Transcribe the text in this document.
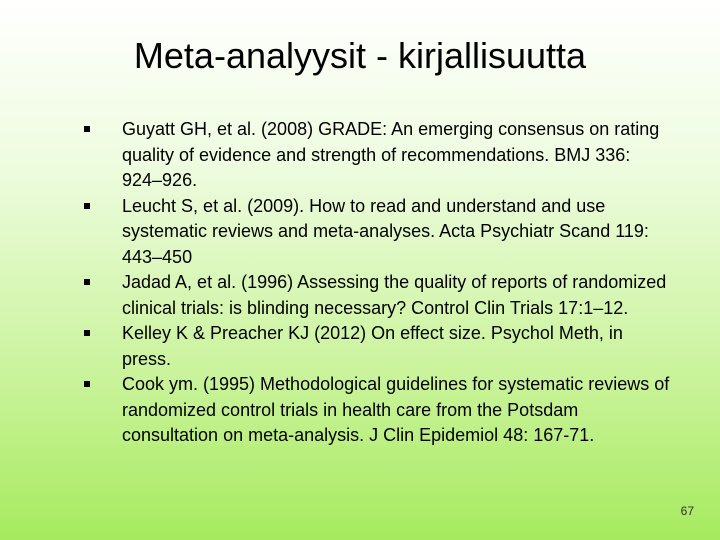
Meta-analyysit - kirjallisuutta
Guyatt GH, et al. (2008) GRADE: An emerging consensus on rating quality of evidence and strength of recommendations. BMJ 336: 924–926.
Leucht S, et al. (2009). How to read and understand and use systematic reviews and meta-analyses. Acta Psychiatr Scand 119: 443–450
Jadad A, et al. (1996) Assessing the quality of reports of randomized clinical trials: is blinding necessary? Control Clin Trials 17:1–12.
Kelley K & Preacher KJ (2012) On effect size. Psychol Meth, in press.
Cook ym. (1995) Methodological guidelines for systematic reviews of randomized control trials in health care from the Potsdam consultation on meta-analysis. J Clin Epidemiol 48: 167-71.
67
